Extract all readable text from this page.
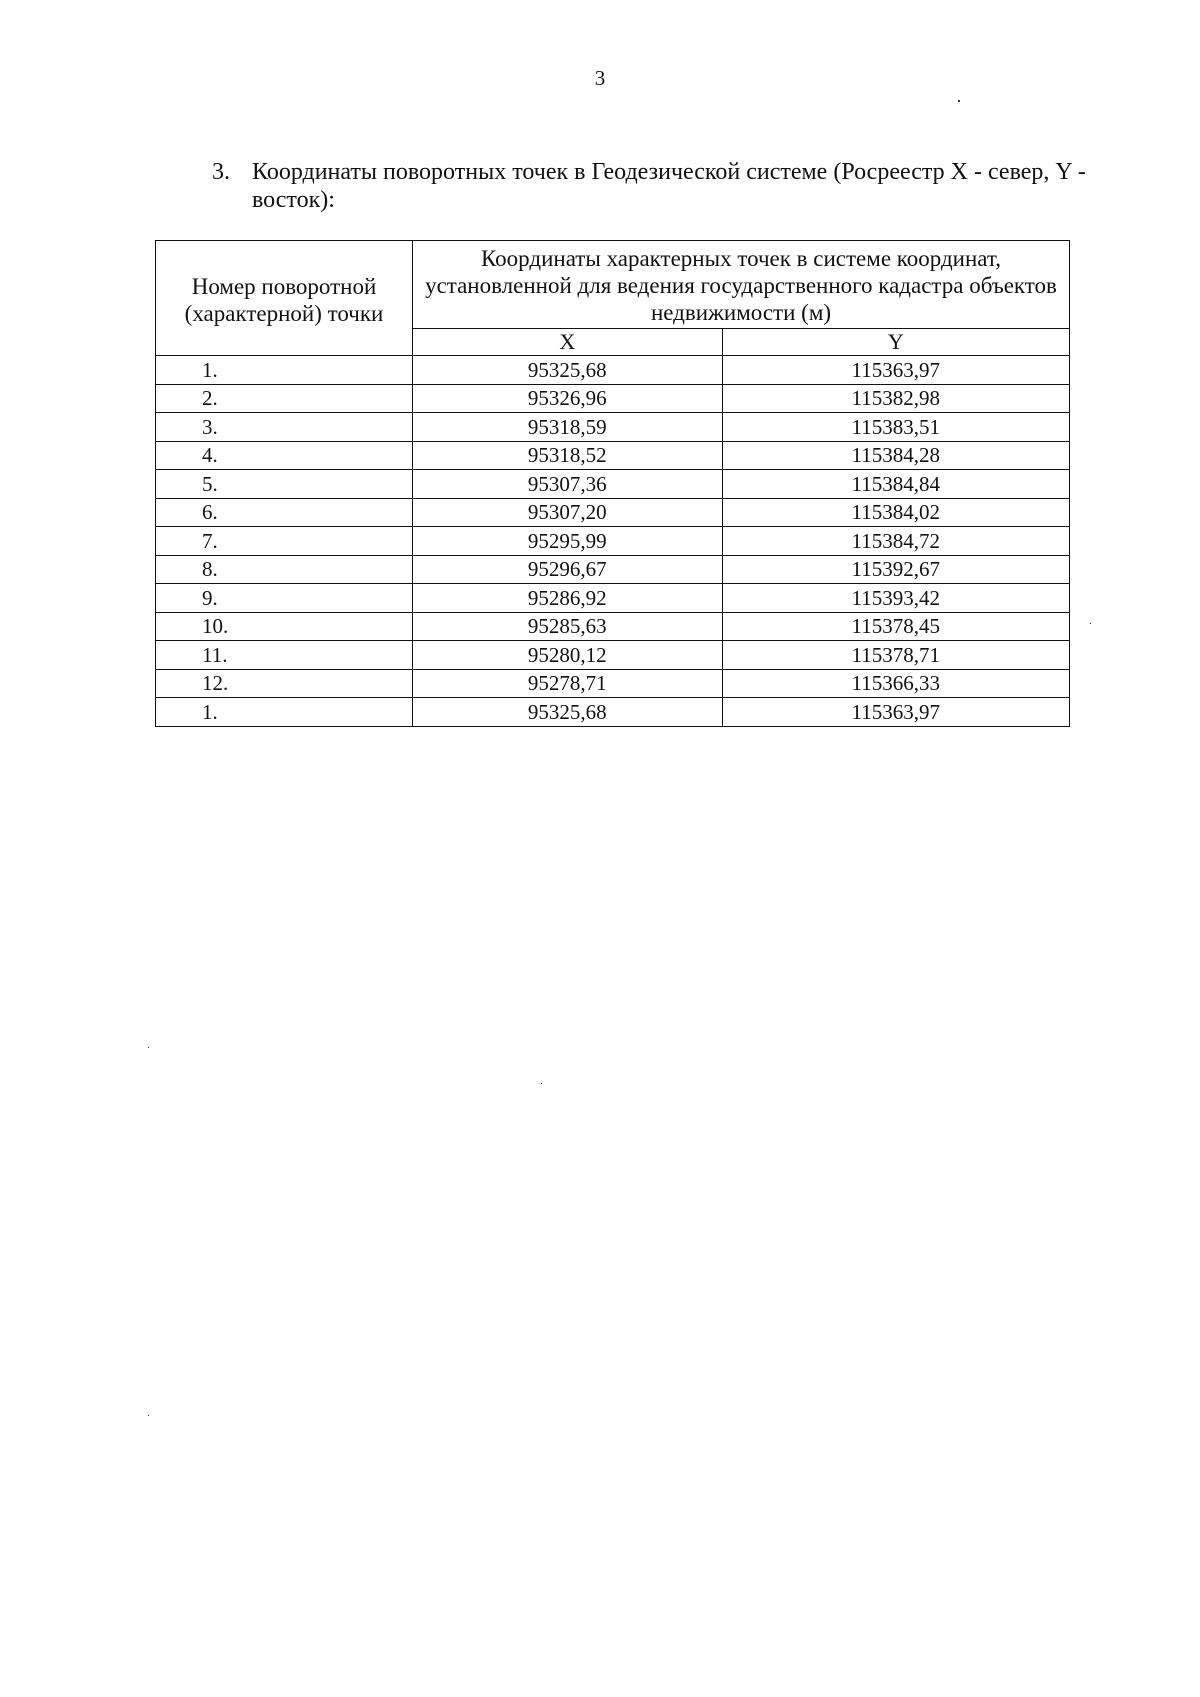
3
3. Координаты поворотных точек в Геодезической системе (Росреестр X - север, Y - восток):
Номер поворотной (характерной) точки	Координаты характерных точек в системе координат, установленной для ведения государственного кадастра объектов недвижимости (м)	
	X	Y
1.	95325,68	115363,97
2.	95326,96	115382,98
3.	95318,59	115383,51
4.	95318,52	115384,28
5.	95307,36	115384,84
6.	95307,20	115384,02
7.	95295,99	115384,72
8.	95296,67	115392,67
9.	95286,92	115393,42
10.	95285,63	115378,45
11.	95280,12	115378,71
12.	95278,71	115366,33
1.	95325,68	115363,97
